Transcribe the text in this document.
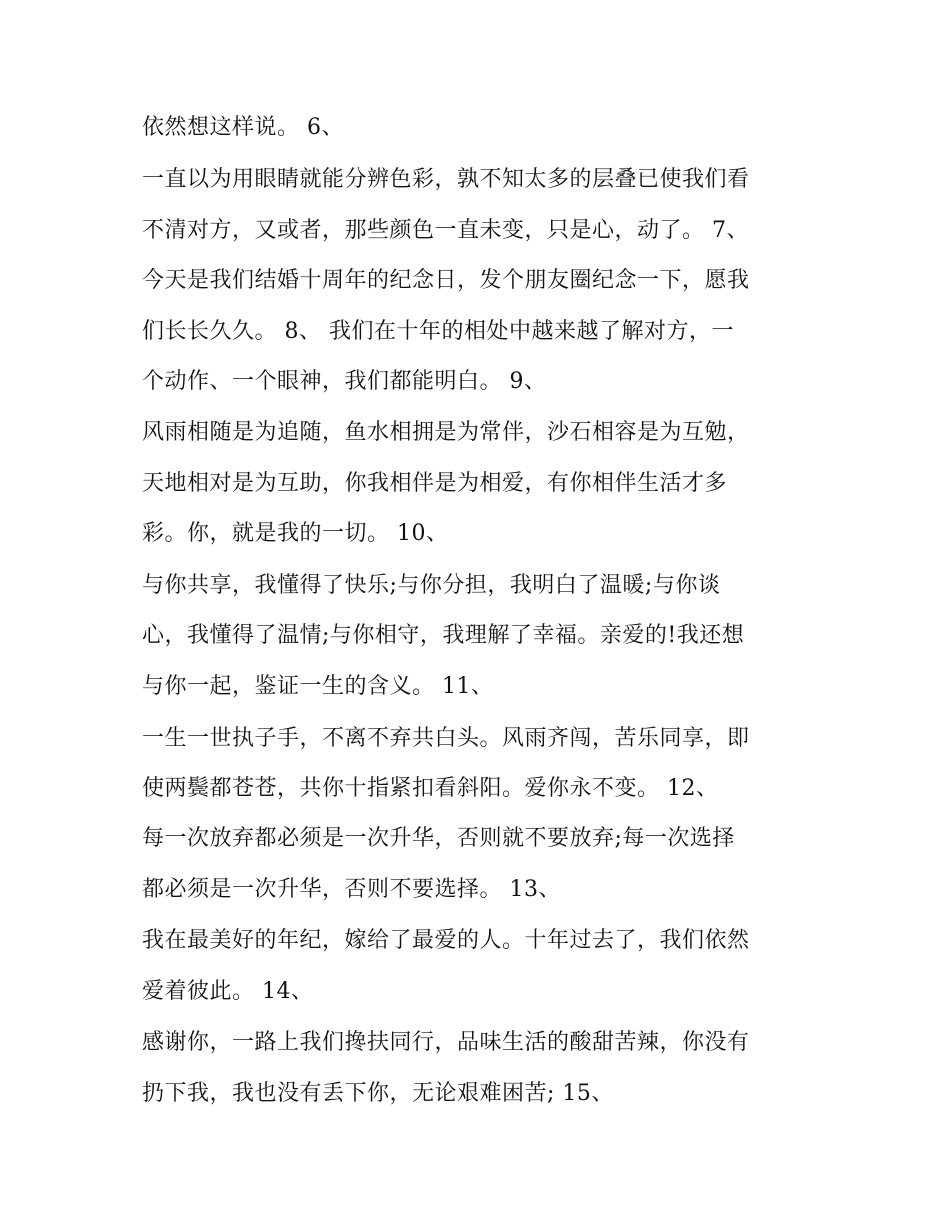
依然想这样说。 6、
一直以为用眼睛就能分辨色彩，孰不知太多的层叠已使我们看
不清对方，又或者，那些颜色一直未变，只是心，动了。 7、
今天是我们结婚十周年的纪念日，发个朋友圈纪念一下，愿我
们长长久久。 8、 我们在十年的相处中越来越了解对方，一
个动作、一个眼神，我们都能明白。 9、
风雨相随是为追随，鱼水相拥是为常伴，沙石相容是为互勉，
天地相对是为互助，你我相伴是为相爱，有你相伴生活才多
彩。你，就是我的一切。 10、
与你共享，我懂得了快乐;与你分担，我明白了温暖;与你谈
心，我懂得了温情;与你相守，我理解了幸福。亲爱的!我还想
与你一起，鉴证一生的含义。 11、
一生一世执子手，不离不弃共白头。风雨齐闯，苦乐同享，即
使两鬓都苍苍，共你十指紧扣看斜阳。爱你永不变。 12、
每一次放弃都必须是一次升华，否则就不要放弃;每一次选择
都必须是一次升华，否则不要选择。 13、
我在最美好的年纪，嫁给了最爱的人。十年过去了，我们依然
爱着彼此。 14、
感谢你，一路上我们搀扶同行，品味生活的酸甜苦辣，你没有
扔下我，我也没有丢下你，无论艰难困苦; 15、
